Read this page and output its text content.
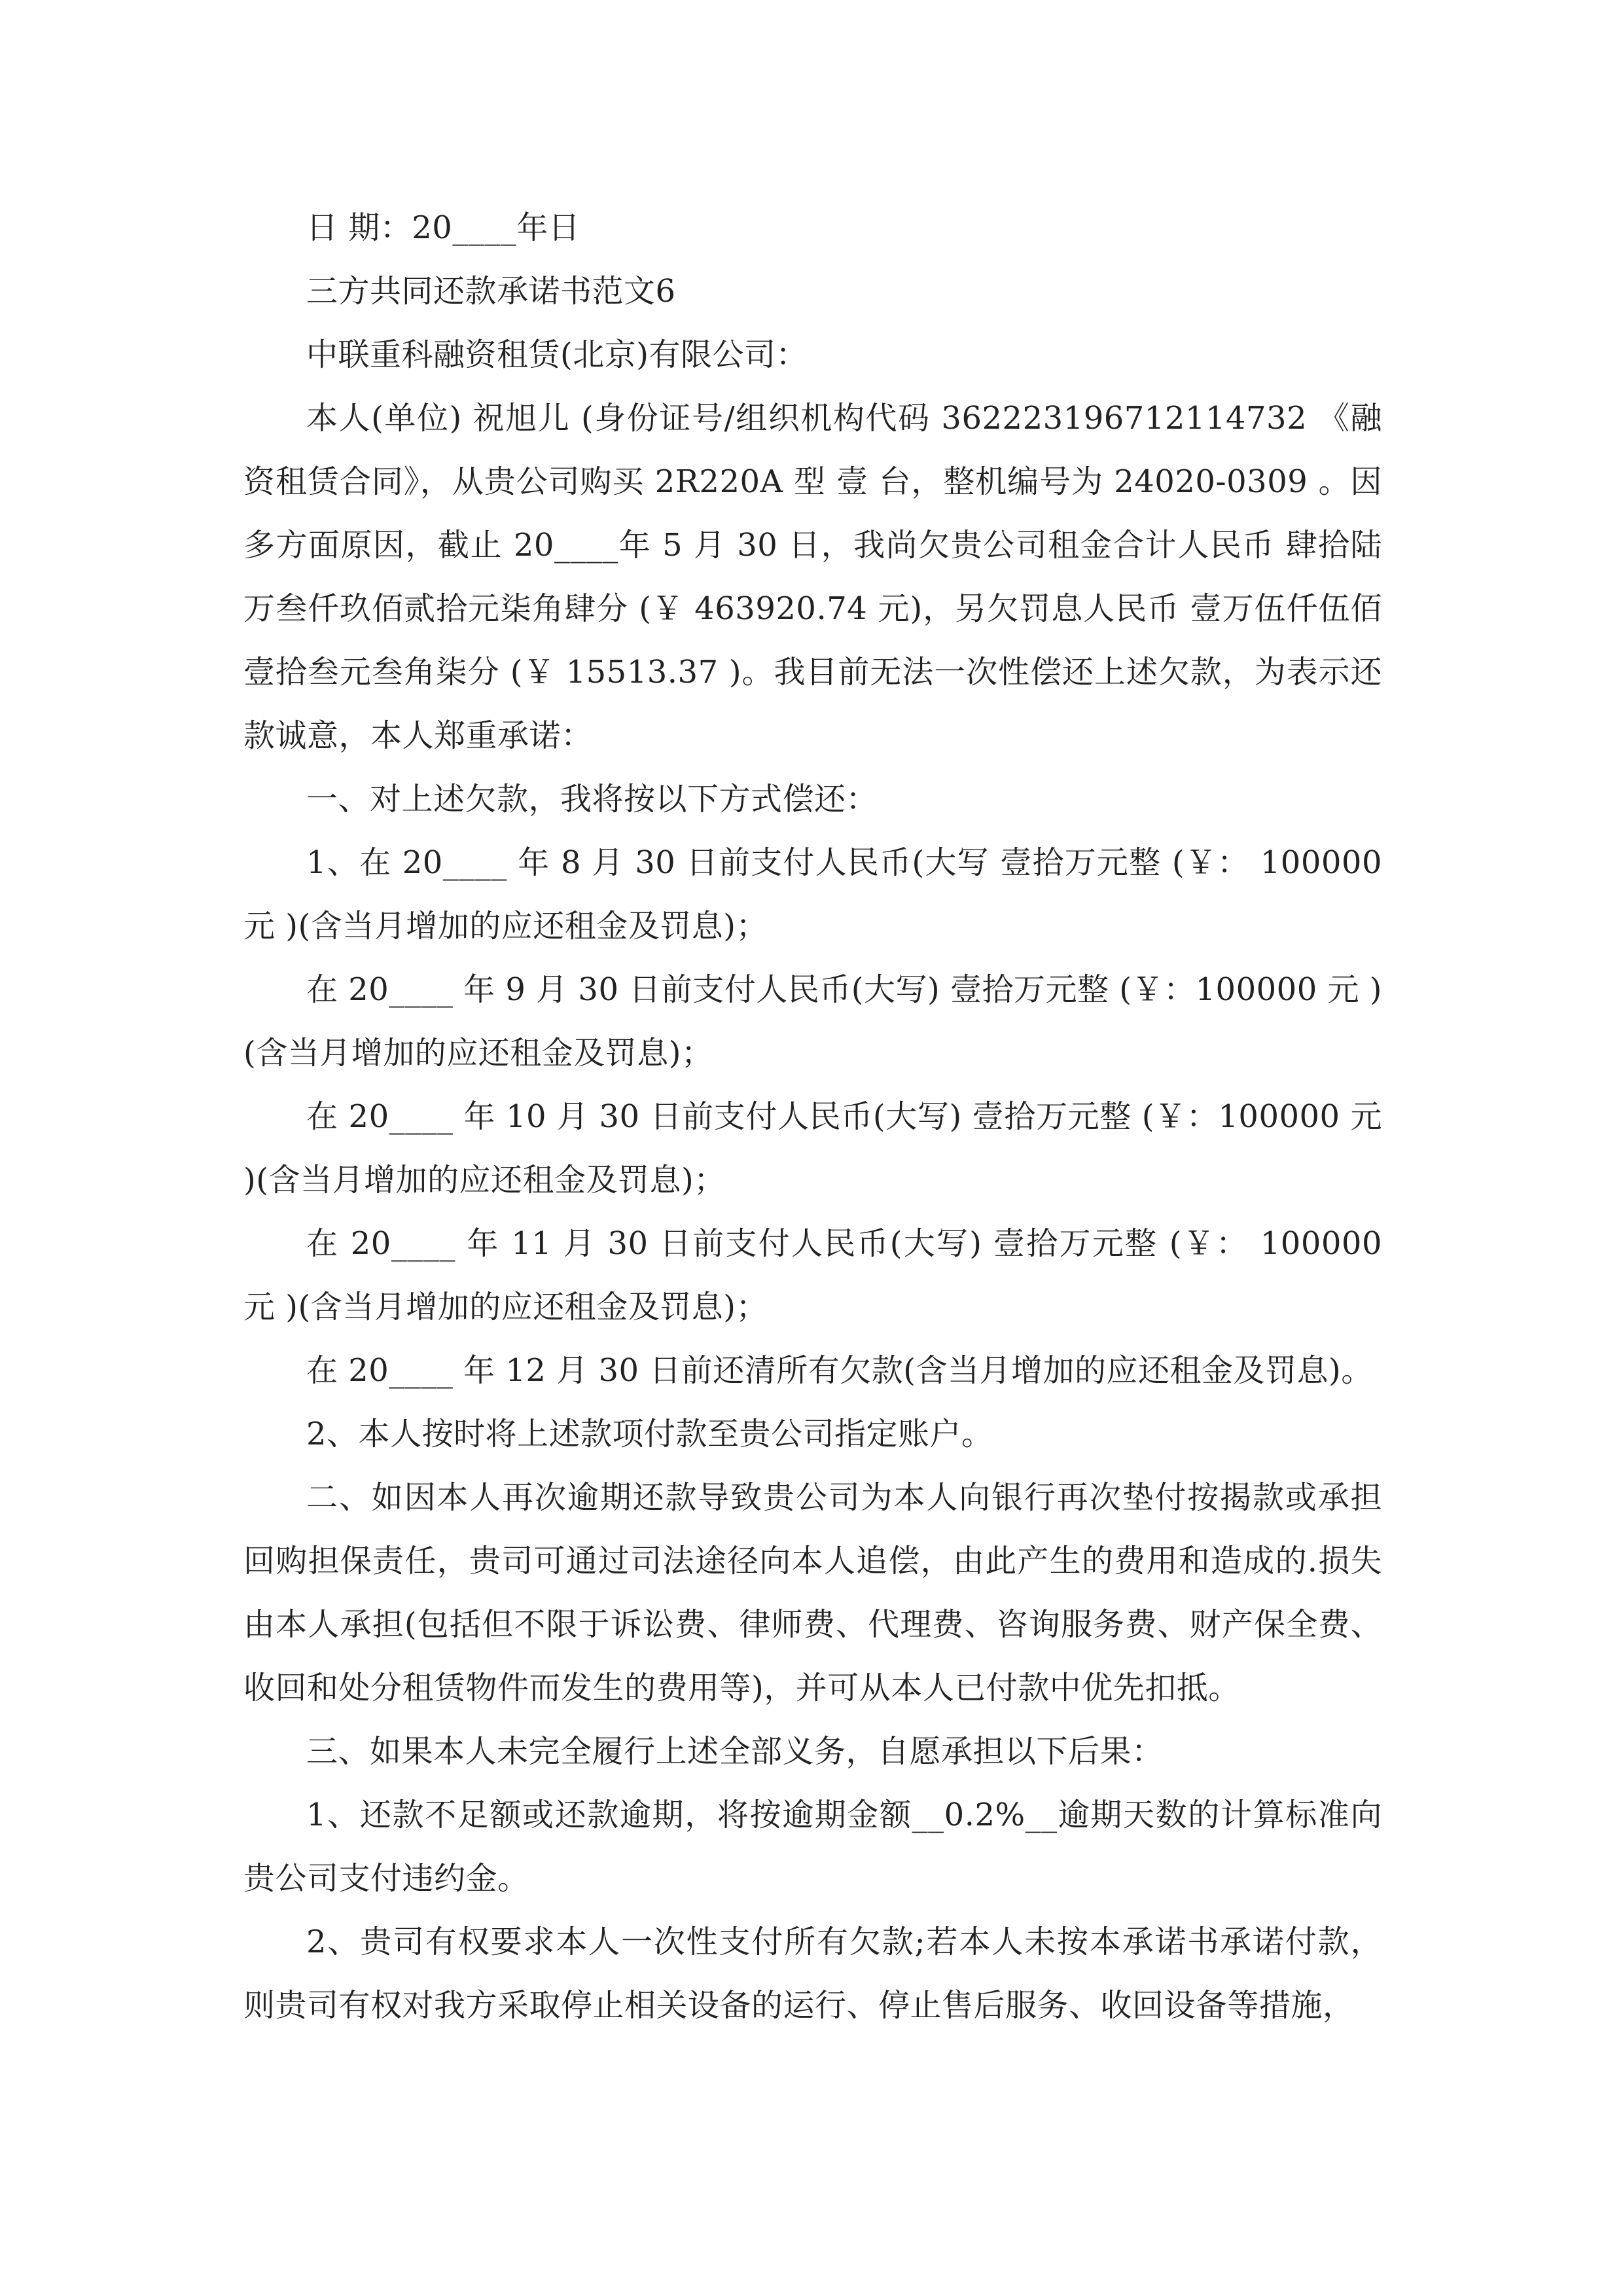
日 期：20____年日

三方共同还款承诺书范文6

中联重科融资租赁(北京)有限公司：

本人(单位) 祝旭儿 (身份证号/组织机构代码 362223196712114732 《融资租赁合同》，从贵公司购买 2R220A 型 壹 台，整机编号为 24020-0309 。因多方面原因，截止 20____年 5 月 30 日，我尚欠贵公司租金合计人民币 肆拾陆万叁仟玖佰贰拾元柒角肆分 (￥ 463920.74 元)，另欠罚息人民币 壹万伍仟伍佰壹拾叁元叁角柒分 (￥ 15513.37 )。我目前无法一次性偿还上述欠款，为表示还款诚意，本人郑重承诺：

一、对上述欠款，我将按以下方式偿还：

1、在 20____ 年 8 月 30 日前支付人民币(大写 壹拾万元整 (￥： 100000 元 )(含当月增加的应还租金及罚息)；

在 20____ 年 9 月 30 日前支付人民币(大写) 壹拾万元整 (￥：100000 元 )(含当月增加的应还租金及罚息)；

在 20____ 年 10 月 30 日前支付人民币(大写) 壹拾万元整 (￥：100000 元 )(含当月增加的应还租金及罚息)；

在 20____ 年 11 月 30 日前支付人民币(大写) 壹拾万元整 (￥： 100000 元 )(含当月增加的应还租金及罚息)；

在 20____ 年 12 月 30 日前还清所有欠款(含当月增加的应还租金及罚息)。

2、本人按时将上述款项付款至贵公司指定账户。

二、如因本人再次逾期还款导致贵公司为本人向银行再次垫付按揭款或承担回购担保责任，贵司可通过司法途径向本人追偿，由此产生的费用和造成的.损失由本人承担(包括但不限于诉讼费、律师费、代理费、咨询服务费、财产保全费、收回和处分租赁物件而发生的费用等)，并可从本人已付款中优先扣抵。

三、如果本人未完全履行上述全部义务，自愿承担以下后果：

1、还款不足额或还款逾期，将按逾期金额__0.2%__逾期天数的计算标准向贵公司支付违约金。

2、贵司有权要求本人一次性支付所有欠款;若本人未按本承诺书承诺付款，则贵司有权对我方采取停止相关设备的运行、停止售后服务、收回设备等措施，
